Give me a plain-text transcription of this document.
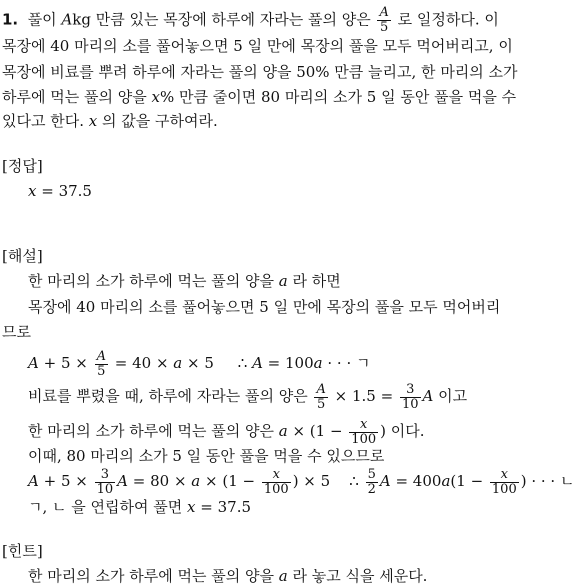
1. 풀이 Akg 만큼 있는 목장에 하루에 자라는 풀의 양은 $\frac{A}{5}$ 로 일정하다. 이
목장에 40 마리의 소를 풀어놓으면 5 일 만에 목장의 풀을 모두 먹어버리고, 이
목장에 비료를 뿌려 하루에 자라는 풀의 양을 50% 만큼 늘리고, 한 마리의 소가
하루에 먹는 풀의 양을 x% 만큼 줄이면 80 마리의 소가 5 일 동안 풀을 먹을 수
있다고 한다. x 의 값을 구하여라.
[정답]
x = 37.5
[해설]
한 마리의 소가 하루에 먹는 풀의 양을 a 라 하면
목장에 40 마리의 소를 풀어놓으면 5 일 만에 목장의 풀을 모두 먹어버리
므로
$A + 5 \times \frac{A}{5} = 40 \times a \times 5$ ∴ A = 100a · · · ㄱ
비료를 뿌렸을 때, 하루에 자라는 풀의 양은 $\frac{A}{5} \times 1.5 = \frac{3}{10}$ A 이고
한 마리의 소가 하루에 먹는 풀의 양은 $a \times (1 - \frac{x}{100}$ ) 이다.
이때, 80 마리의 소가 5 일 동안 풀을 먹을 수 있으므로
$A + 5 \times \frac{3}{10}$ $A = 80 \times a \times (1 - \frac{x}{100}$ ) × 5 ∴ $\frac{5}{2}$ $A = 400a(1 - \frac{x}{100}$ ) · · · ㄴ
ㄱ, ㄴ 을 연립하여 풀면 x = 37.5
[힌트]
한 마리의 소가 하루에 먹는 풀의 양을 a 라 놓고 식을 세운다.
